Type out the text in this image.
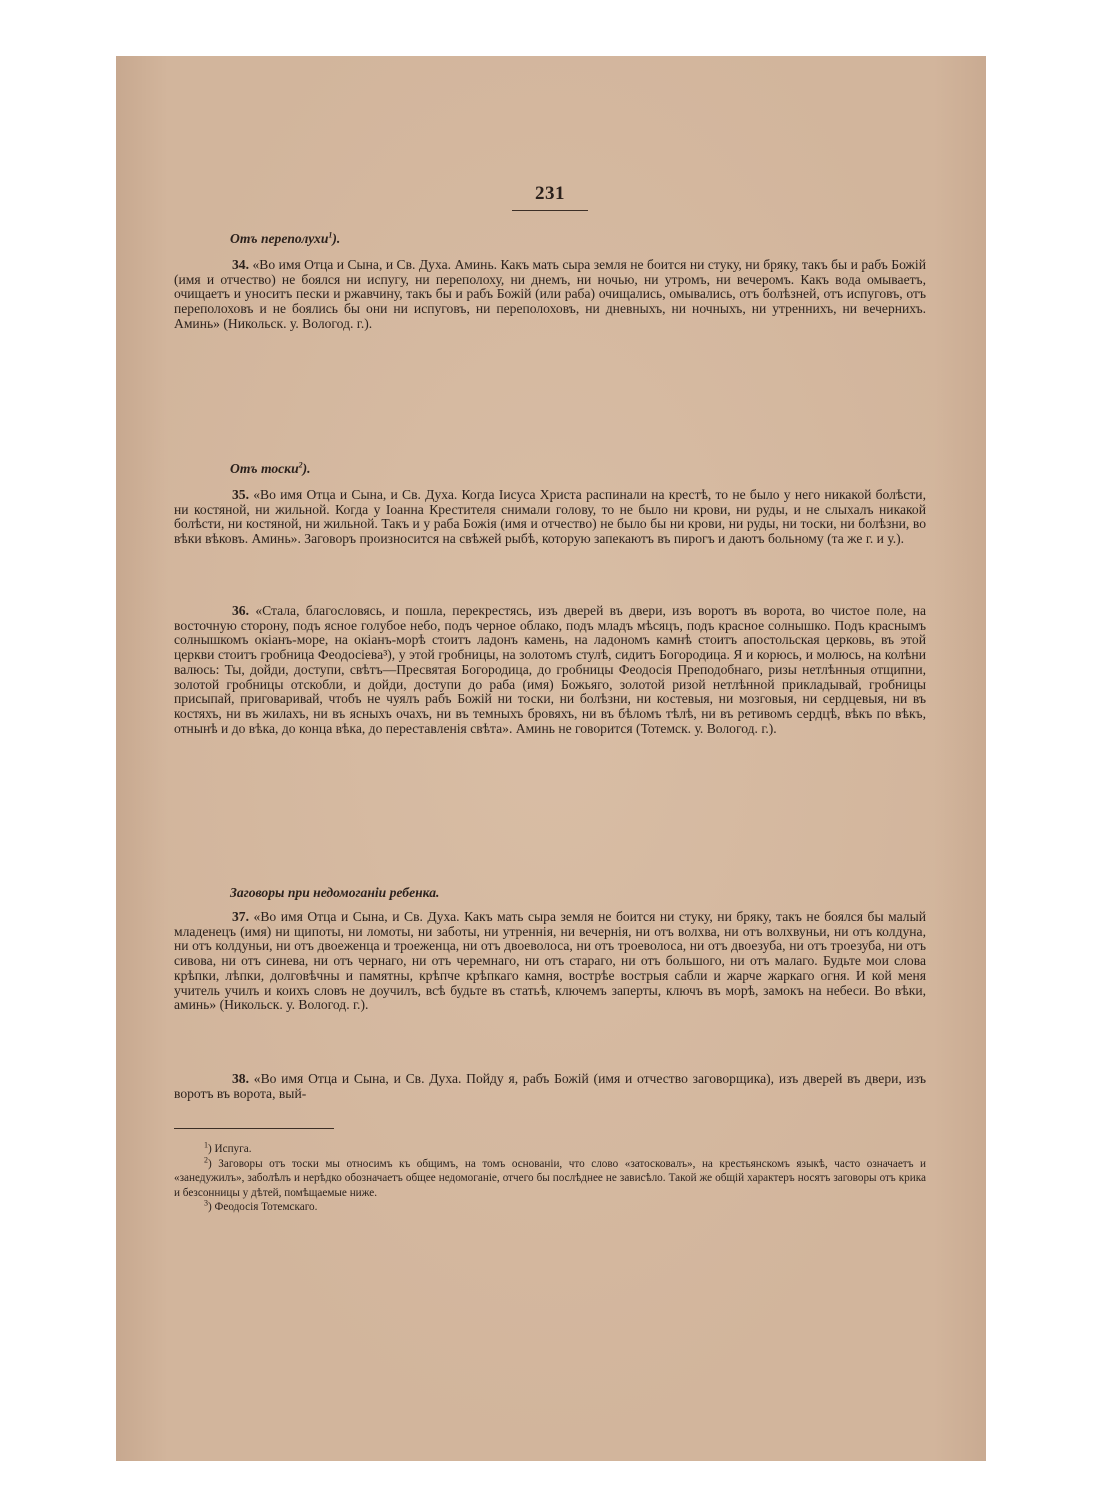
231
Отъ переполухи$^1$).

34. «Во имя Отца и Сына, и Св. Духа. Аминь. Какъ мать сыра земля не боится ни стуку, ни бряку, такъ бы и рабъ Божій (имя и отчество) не боялся ни испугу, ни переполоху, ни днемъ, ни ночью, ни утромъ, ни вечеромъ. Какъ вода омываетъ, очищаетъ и уноситъ пески и ржавчину, такъ бы и рабъ Божій (или раба) очищались, омывались, отъ болѣзней, отъ испуговъ, отъ переполоховъ и не боялись бы они ни испуговъ, ни переполоховъ, ни дневныхъ, ни ночныхъ, ни утреннихъ, ни вечернихъ. Аминь» (Никольск. у. Вологод. г.).

Отъ тоски$^2$).

35. «Во имя Отца и Сына, и Св. Духа. Когда Іисуса Христа распинали на крестѣ, то не было у него никакой болѣсти, ни костяной, ни жильной. Когда у Іоанна Крестителя снимали голову, то не было ни крови, ни руды, и не слыхалъ никакой болѣсти, ни костяной, ни жильной. Такъ и у раба Божія (имя и отчество) не было бы ни крови, ни руды, ни тоски, ни болѣзни, во вѣки вѣковъ. Аминь». Заговоръ произносится на свѣжей рыбѣ, которую запекаютъ въ пирогъ и даютъ больному (та же г. и у.).

36. «Стала, благословясь, и пошла, перекрестясь, изъ дверей въ двери, изъ воротъ въ ворота, во чистое поле, на восточную сторону, подъ ясное голубое небо, подъ черное облако, подъ младъ мѣсяцъ, подъ красное солнышко. Подъ краснымъ солнышкомъ окіанъ-море, на окіанъ-морѣ стоитъ ладонъ камень, на ладономъ камнѣ стоитъ апостольская церковь, въ этой церкви стоитъ гробница Феодосіева³), у этой гробницы, на золотомъ стулѣ, сидитъ Богородица. Я и корюсь, и молюсь, на колѣни валюсь: Ты, дойди, доступи, свѣтъ—Пресвятая Богородица, до гробницы Феодосія Преподобнаго, ризы нетлѣнныя отщипни, золотой гробницы отскобли, и дойди, доступи до раба (имя) Божьяго, золотой ризой нетлѣнной прикладывай, гробницы присыпай, приговаривай, чтобъ не чуялъ рабъ Божій ни тоски, ни болѣзни, ни костевыя, ни мозговыя, ни сердцевыя, ни въ костяхъ, ни въ жилахъ, ни въ ясныхъ очахъ, ни въ темныхъ бровяхъ, ни въ бѣломъ тѣлѣ, ни въ ретивомъ сердцѣ, вѣкъ по вѣкъ, отнынѣ и до вѣка, до конца вѣка, до переставленія свѣта». Аминь не говорится (Тотемск. у. Вологод. г.).

Заговоры при недомоганіи ребенка.

37. «Во имя Отца и Сына, и Св. Духа. Какъ мать сыра земля не боится ни стуку, ни бряку, такъ не боялся бы малый младенецъ (имя) ни щипоты, ни ломоты, ни заботы, ни утреннія, ни вечернія, ни отъ волхва, ни отъ волхвуньи, ни отъ колдуна, ни отъ колдуньи, ни отъ двоеженца и троеженца, ни отъ двоеволоса, ни отъ троеволоса, ни отъ двоезуба, ни отъ троезуба, ни отъ сивова, ни отъ синева, ни отъ чернаго, ни отъ черемнаго, ни отъ стараго, ни отъ большого, ни отъ малаго. Будьте мои слова крѣпки, лѣпки, долговѣчны и памятны, крѣпче крѣпкаго камня, вострѣе вострыя сабли и жарче жаркаго огня. И кой меня учитель училъ и коихъ словъ не доучилъ, всѣ будьте въ статьѣ, ключемъ заперты, ключъ въ морѣ, замокъ на небеси. Во вѣки, аминь» (Никольск. у. Вологод. г.).

38. «Во имя Отца и Сына, и Св. Духа. Пойду я, рабъ Божій (имя и отчество заговорщика), изъ дверей въ двери, изъ воротъ въ ворота, вый-

$^1$) Испуга.

$^2$) Заговоры отъ тоски мы относимъ къ общимъ, на томъ основаніи, что слово «затосковалъ», на крестьянскомъ языкѣ, часто означаетъ и «занедужилъ», заболѣлъ и нерѣдко обозначаетъ общее недомоганіе, отчего бы послѣднее не зависѣло. Такой же общій характеръ носятъ заговоры отъ крика и безсонницы у дѣтей, помѣщаемые ниже.

$^3$) Феодосія Тотемскаго.
